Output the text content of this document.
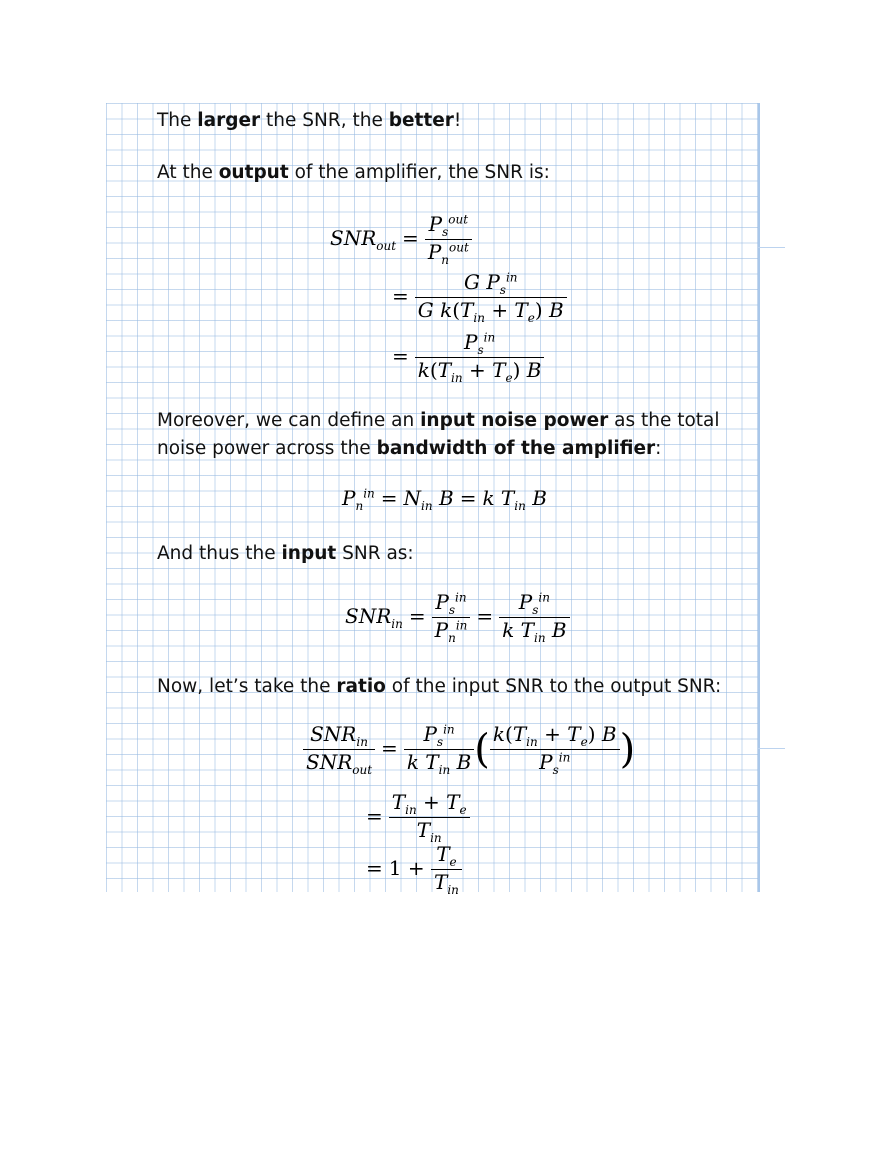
The larger the SNR, the better!
At the output of the amplifier, the SNR is:
$SNR_{out} = \frac{P_s^{out}}{P_n^{out}}$
= $\frac{G P_s^{in}}{G k(T_{in} + T_e) B}$
= $\frac{P_s^{in}}{k(T_{in} + T_e) B}$
Moreover, we can define an input noise power as the total
noise power across the bandwidth of the amplifier:
$P_n^{in} = N_{in}$ B = k $T_{in}$ B
And thus the input SNR as:
$SNR_{in} = \frac{P_s^{in}}{P_n^{in}} = \frac{P_s^{in}}{k T_{in} B}$
Now, let’s take the ratio of the input SNR to the output SNR:
$\frac{SNR_{in}}{SNR_{out}} = \frac{P_s^{in}}{k T_{in} B}$ ( $\frac{k(T_{in} + T_e) B}{P_s^{in}}$ )
= $\frac{T_{in} + T_e}{T_{in}}$
= $1 + \frac{T_e}{T_{in}}$
